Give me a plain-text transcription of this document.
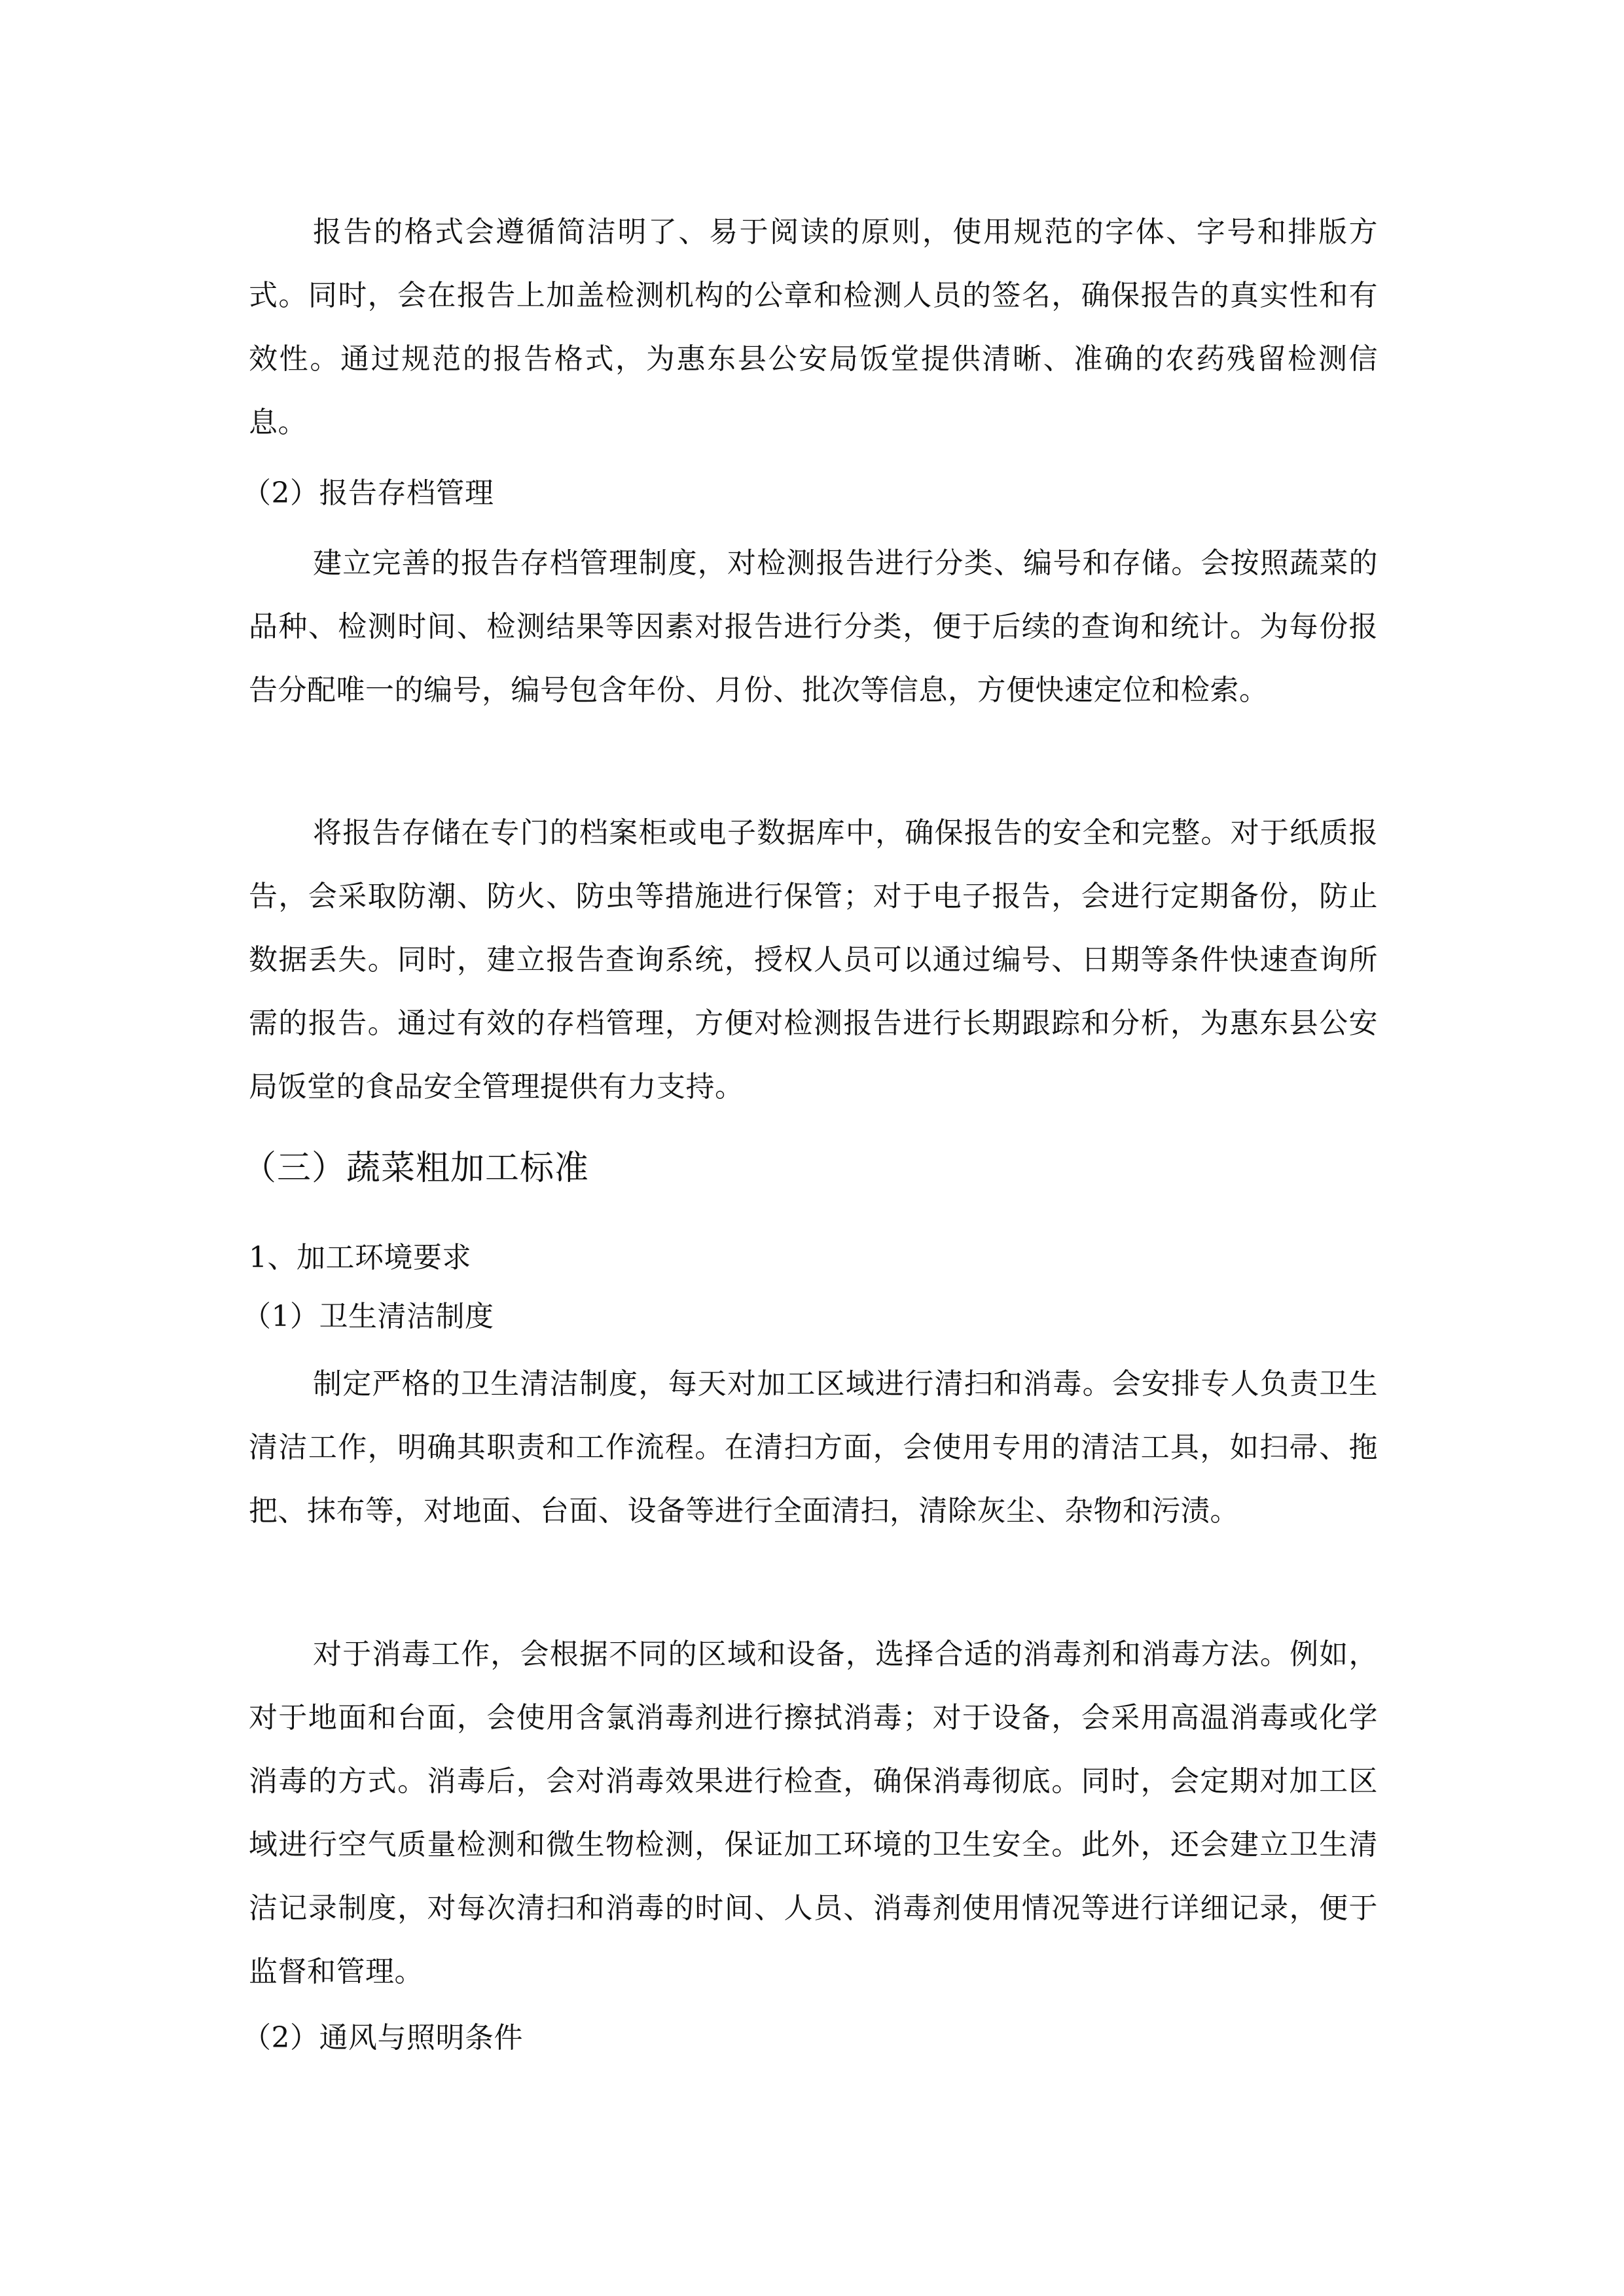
报告的格式会遵循简洁明了、易于阅读的原则，使用规范的字体、字号和排版方式。同时，会在报告上加盖检测机构的公章和检测人员的签名，确保报告的真实性和有效性。通过规范的报告格式，为惠东县公安局饭堂提供清晰、准确的农药残留检测信息。

（2）报告存档管理

建立完善的报告存档管理制度，对检测报告进行分类、编号和存储。会按照蔬菜的品种、检测时间、检测结果等因素对报告进行分类，便于后续的查询和统计。为每份报告分配唯一的编号，编号包含年份、月份、批次等信息，方便快速定位和检索。

将报告存储在专门的档案柜或电子数据库中，确保报告的安全和完整。对于纸质报告，会采取防潮、防火、防虫等措施进行保管；对于电子报告，会进行定期备份，防止数据丢失。同时，建立报告查询系统，授权人员可以通过编号、日期等条件快速查询所需的报告。通过有效的存档管理，方便对检测报告进行长期跟踪和分析，为惠东县公安局饭堂的食品安全管理提供有力支持。

（三）蔬菜粗加工标准
1、加工环境要求
（1）卫生清洁制度

制定严格的卫生清洁制度，每天对加工区域进行清扫和消毒。会安排专人负责卫生清洁工作，明确其职责和工作流程。在清扫方面，会使用专用的清洁工具，如扫帚、拖把、抹布等，对地面、台面、设备等进行全面清扫，清除灰尘、杂物和污渍。

对于消毒工作，会根据不同的区域和设备，选择合适的消毒剂和消毒方法。例如，对于地面和台面，会使用含氯消毒剂进行擦拭消毒；对于设备，会采用高温消毒或化学消毒的方式。消毒后，会对消毒效果进行检查，确保消毒彻底。同时，会定期对加工区域进行空气质量检测和微生物检测，保证加工环境的卫生安全。此外，还会建立卫生清洁记录制度，对每次清扫和消毒的时间、人员、消毒剂使用情况等进行详细记录，便于监督和管理。

（2）通风与照明条件
